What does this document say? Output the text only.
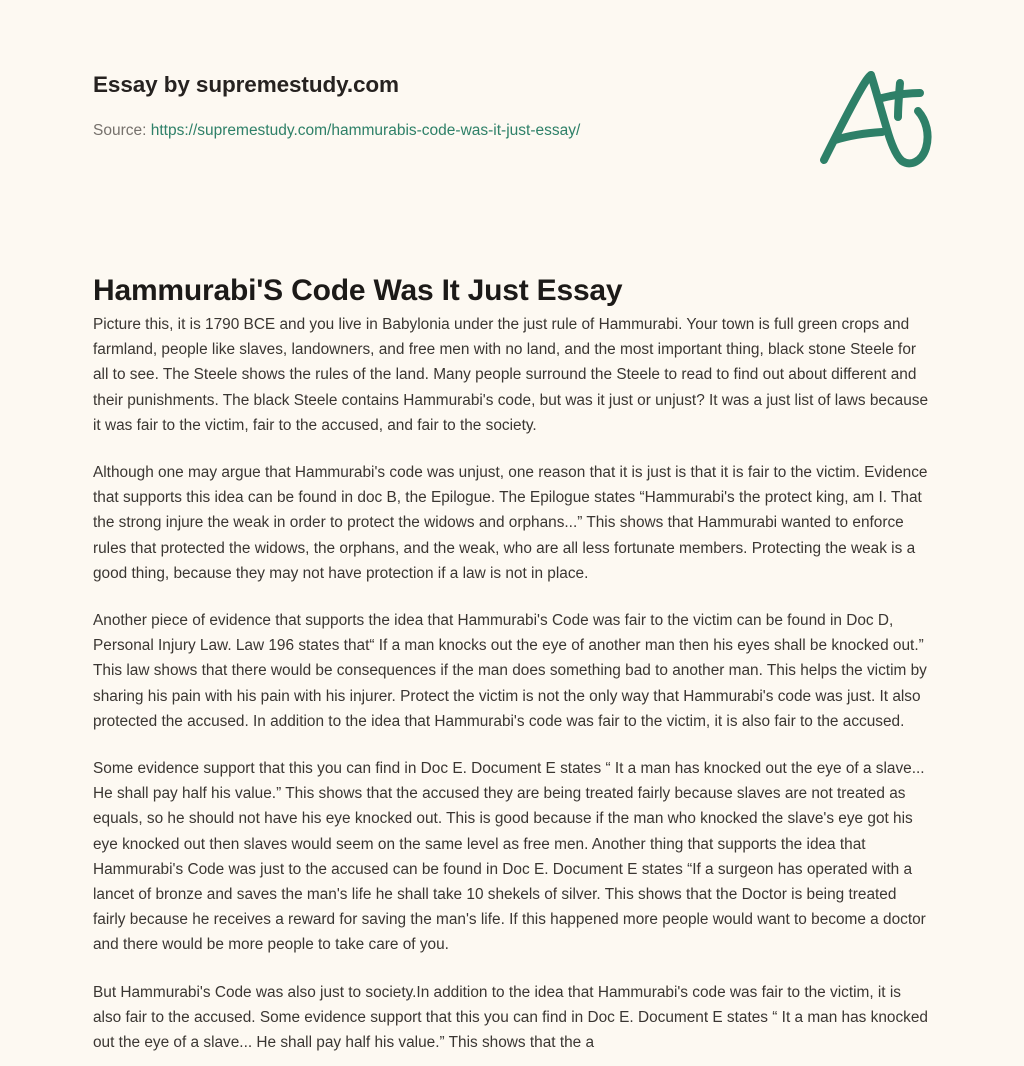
Essay by supremestudy.com
Source: https://supremestudy.com/hammurabis-code-was-it-just-essay/
Hammurabi'S Code Was It Just Essay

Picture this, it is 1790 BCE and you live in Babylonia under the just rule of Hammurabi. Your town is full green crops and farmland, people like slaves, landowners, and free men with no land, and the most important thing, black stone Steele for all to see. The Steele shows the rules of the land. Many people surround the Steele to read to find out about different and their punishments. The black Steele contains Hammurabi's code, but was it just or unjust? It was a just list of laws because it was fair to the victim, fair to the accused, and fair to the society.

Although one may argue that Hammurabi's code was unjust, one reason that it is just is that it is fair to the victim. Evidence that supports this idea can be found in doc B, the Epilogue. The Epilogue states “Hammurabi's the protect king, am I. That the strong injure the weak in order to protect the widows and orphans...” This shows that Hammurabi wanted to enforce rules that protected the widows, the orphans, and the weak, who are all less fortunate members. Protecting the weak is a good thing, because they may not have protection if a law is not in place.

Another piece of evidence that supports the idea that Hammurabi's Code was fair to the victim can be found in Doc D, Personal Injury Law. Law 196 states that“ If a man knocks out the eye of another man then his eyes shall be knocked out.” This law shows that there would be consequences if the man does something bad to another man. This helps the victim by sharing his pain with his pain with his injurer. Protect the victim is not the only way that Hammurabi's code was just. It also protected the accused. In addition to the idea that Hammurabi's code was fair to the victim, it is also fair to the accused.

Some evidence support that this you can find in Doc E. Document E states “ It a man has knocked out the eye of a slave... He shall pay half his value.” This shows that the accused they are being treated fairly because slaves are not treated as equals, so he should not have his eye knocked out. This is good because if the man who knocked the slave's eye got his eye knocked out then slaves would seem on the same level as free men. Another thing that supports the idea that Hammurabi's Code was just to the accused can be found in Doc E. Document E states “If a surgeon has operated with a lancet of bronze and saves the man's life he shall take 10 shekels of silver. This shows that the Doctor is being treated fairly because he receives a reward for saving the man's life. If this happened more people would want to become a doctor and there would be more people to take care of you.

But Hammurabi's Code was also just to society.In addition to the idea that Hammurabi's code was fair to the victim, it is also fair to the accused. Some evidence support that this you can find in Doc E. Document E states “ It a man has knocked out the eye of a slave... He shall pay half his value.” This shows that the a
